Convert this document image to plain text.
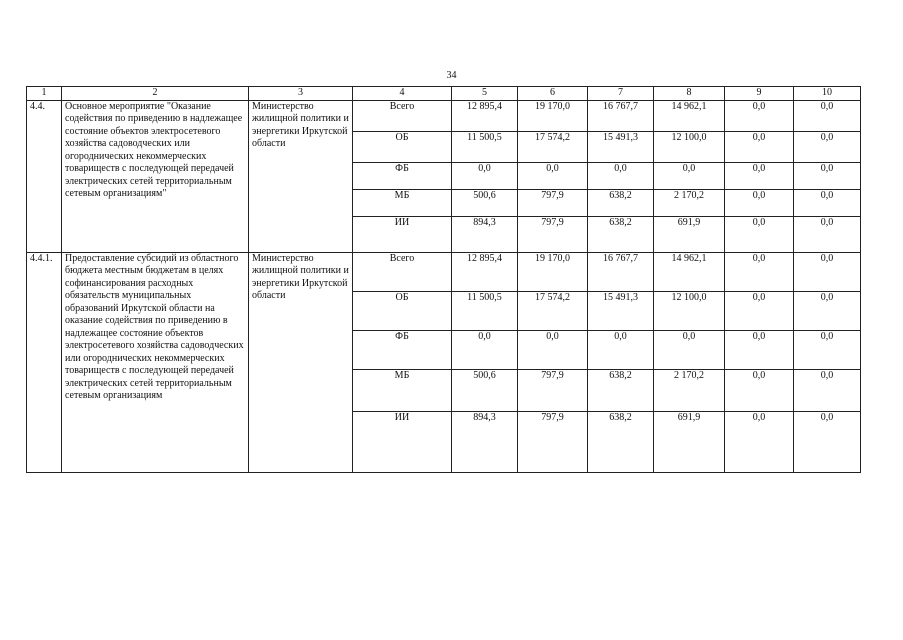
34
1	2	3	4	5	6	7	8	9	10
4.4.	Основное мероприятие "Оказание содействия по приведению в надлежащее состояние объектов электросетевого хозяйства садоводческих или огороднических некоммерческих товариществ с последующей передачей электрических сетей территориальным сетевым организациям"	Министерство жилищной политики и энергетики Иркутской области	Всего	12 895,4	19 170,0	16 767,7	14 962,1	0,0	0,0
			ОБ	11 500,5	17 574,2	15 491,3	12 100,0	0,0	0,0
			ФБ	0,0	0,0	0,0	0,0	0,0	0,0
			МБ	500,6	797,9	638,2	2 170,2	0,0	0,0
			ИИ	894,3	797,9	638,2	691,9	0,0	0,0
4.4.1.	Предоставление субсидий из областного бюджета местным бюджетам в целях софинансирования расходных обязательств муниципальных образований Иркутской области на оказание содействия по приведению в надлежащее состояние объектов электросетевого хозяйства садоводческих или огороднических некоммерческих товариществ с последующей передачей электрических сетей территориальным сетевым организациям	Министерство жилищной политики и энергетики Иркутской области	Всего	12 895,4	19 170,0	16 767,7	14 962,1	0,0	0,0
			ОБ	11 500,5	17 574,2	15 491,3	12 100,0	0,0	0,0
			ФБ	0,0	0,0	0,0	0,0	0,0	0,0
			МБ	500,6	797,9	638,2	2 170,2	0,0	0,0
			ИИ	894,3	797,9	638,2	691,9	0,0	0,0
